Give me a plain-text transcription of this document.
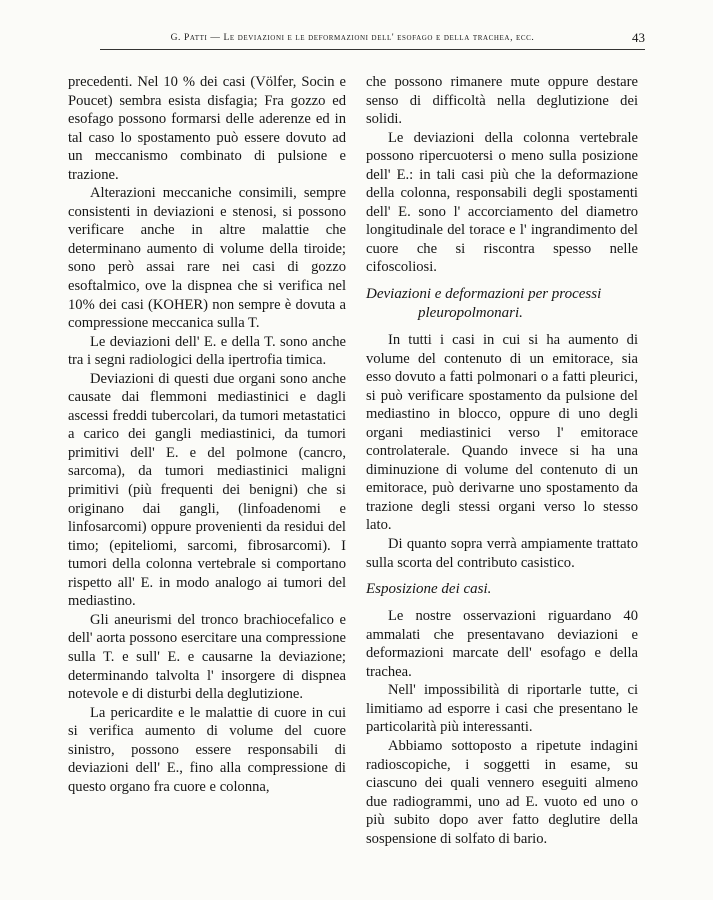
G. Patti — Le deviazioni e le deformazioni dell' esofago e della trachea, ecc.	43

precedenti. Nel 10 % dei casi (Völfer, Socin e Poucet) sembra esista disfagia; Fra gozzo ed esofago possono formarsi delle aderenze ed in tal caso lo spostamento può essere dovuto ad un meccanismo combinato di pulsione e trazione.

Alterazioni meccaniche consimili, sempre consistenti in deviazioni e stenosi, si possono verificare anche in altre malattie che determinano aumento di volume della tiroide; sono però assai rare nei casi di gozzo esoftalmico, ove la dispnea che si verifica nel 10% dei casi (KOHER) non sempre è dovuta a compressione meccanica sulla T.

Le deviazioni dell' E. e della T. sono anche tra i segni radiologici della ipertrofia timica.

Deviazioni di questi due organi sono anche causate dai flemmoni mediastinici e dagli ascessi freddi tubercolari, da tumori metastatici a carico dei gangli mediastinici, da tumori primitivi dell' E. e del polmone (cancro, sarcoma), da tumori mediastinici maligni primitivi (più frequenti dei benigni) che si originano dai gangli, (linfoadenomi e linfosarcomi) oppure provenienti da residui del timo; (epiteliomi, sarcomi, fibrosarcomi). I tumori della colonna vertebrale si comportano rispetto all' E. in modo analogo ai tumori del mediastino.

Gli aneurismi del tronco brachiocefalico e dell' aorta possono esercitare una compressione sulla T. e sull' E. e causarne la deviazione; determinando talvolta l' insorgere di dispnea notevole e di disturbi della deglutizione.

La pericardite e le malattie di cuore in cui si verifica aumento di volume del cuore sinistro, possono essere responsabili di deviazioni dell' E., fino alla compressione di questo organo fra cuore e colonna,

che possono rimanere mute oppure destare senso di difficoltà nella deglutizione dei solidi.

Le deviazioni della colonna vertebrale possono ripercuotersi o meno sulla posizione dell' E.: in tali casi più che la deformazione della colonna, responsabili degli spostamenti dell' E. sono l' accorciamento del diametro longitudinale del torace e l' ingrandimento del cuore che si riscontra spesso nelle cifoscoliosi.

Deviazioni e deformazioni per processi
pleuropolmonari.

In tutti i casi in cui si ha aumento di volume del contenuto di un emitorace, sia esso dovuto a fatti polmonari o a fatti pleurici, si può verificare spostamento da pulsione del mediastino in blocco, oppure di uno degli organi mediastinici verso l' emitorace controlaterale. Quando invece si ha una diminuzione di volume del contenuto di un emitorace, può derivarne uno spostamento da trazione degli stessi organi verso lo stesso lato.

Di quanto sopra verrà ampiamente trattato sulla scorta del contributo casistico.

Esposizione dei casi.

Le nostre osservazioni riguardano 40 ammalati che presentavano deviazioni e deformazioni marcate dell' esofago e della trachea.

Nell' impossibilità di riportarle tutte, ci limitiamo ad esporre i casi che presentano le particolarità più interessanti.

Abbiamo sottoposto a ripetute indagini radioscopiche, i soggetti in esame, su ciascuno dei quali vennero eseguiti almeno due radiogrammi, uno ad E. vuoto ed uno o più subito dopo aver fatto deglutire della sospensione di solfato di bario.
